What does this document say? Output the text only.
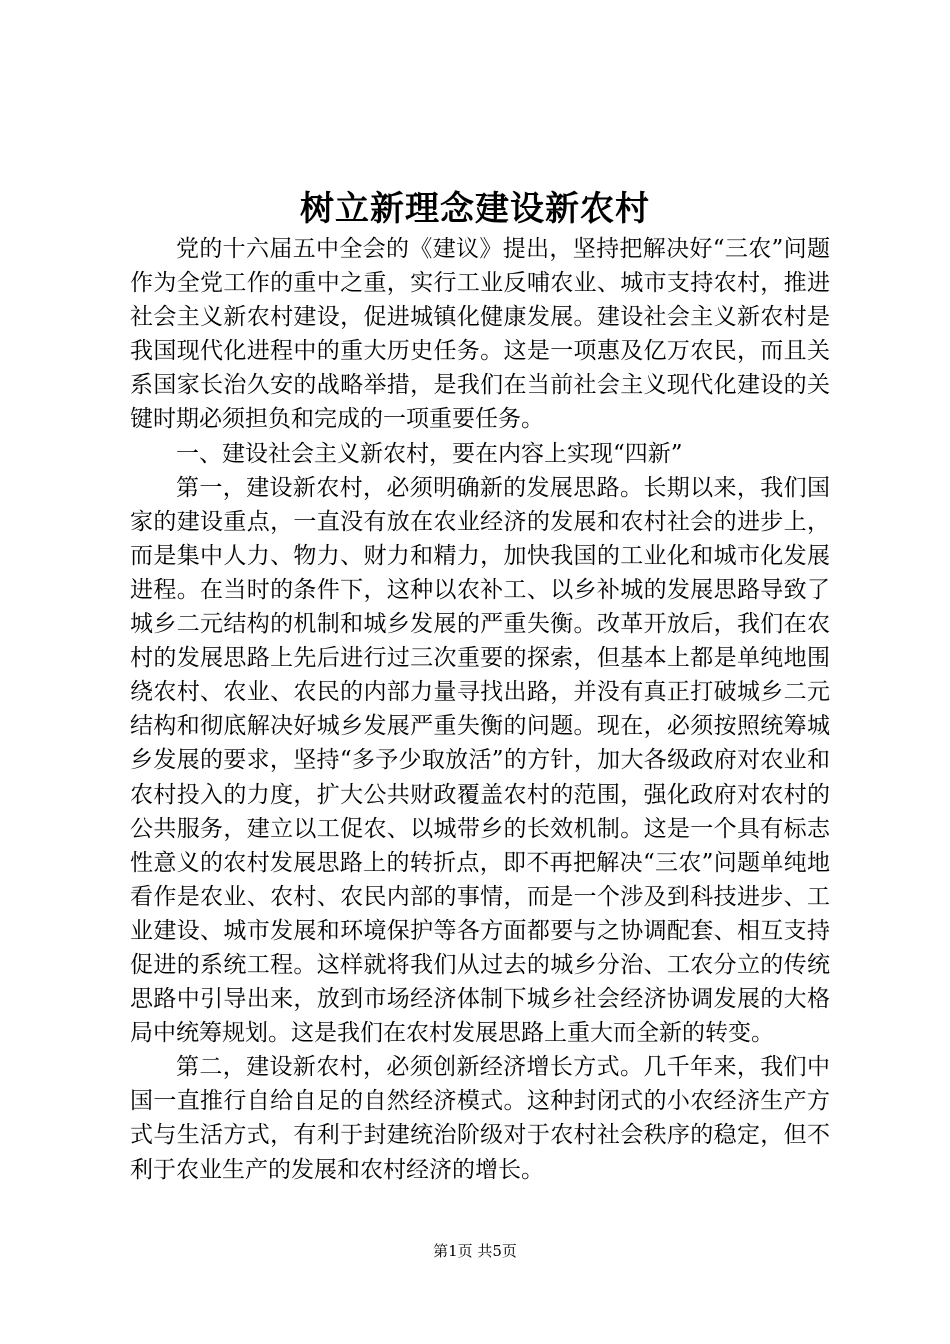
树立新理念建设新农村

党的十六届五中全会的《建议》提出，坚持把解决好“三农”问题作为全党工作的重中之重，实行工业反哺农业、城市支持农村，推进社会主义新农村建设，促进城镇化健康发展。建设社会主义新农村是我国现代化进程中的重大历史任务。这是一项惠及亿万农民，而且关系国家长治久安的战略举措，是我们在当前社会主义现代化建设的关键时期必须担负和完成的一项重要任务。

一、建设社会主义新农村，要在内容上实现“四新”

第一，建设新农村，必须明确新的发展思路。长期以来，我们国家的建设重点，一直没有放在农业经济的发展和农村社会的进步上，而是集中人力、物力、财力和精力，加快我国的工业化和城市化发展进程。在当时的条件下，这种以农补工、以乡补城的发展思路导致了城乡二元结构的机制和城乡发展的严重失衡。改革开放后，我们在农村的发展思路上先后进行过三次重要的探索，但基本上都是单纯地围绕农村、农业、农民的内部力量寻找出路，并没有真正打破城乡二元结构和彻底解决好城乡发展严重失衡的问题。现在，必须按照统筹城乡发展的要求，坚持“多予少取放活”的方针，加大各级政府对农业和农村投入的力度，扩大公共财政覆盖农村的范围，强化政府对农村的公共服务，建立以工促农、以城带乡的长效机制。这是一个具有标志性意义的农村发展思路上的转折点，即不再把解决“三农”问题单纯地看作是农业、农村、农民内部的事情，而是一个涉及到科技进步、工业建设、城市发展和环境保护等各方面都要与之协调配套、相互支持促进的系统工程。这样就将我们从过去的城乡分治、工农分立的传统思路中引导出来，放到市场经济体制下城乡社会经济协调发展的大格局中统筹规划。这是我们在农村发展思路上重大而全新的转变。

第二，建设新农村，必须创新经济增长方式。几千年来，我们中国一直推行自给自足的自然经济模式。这种封闭式的小农经济生产方式与生活方式，有利于封建统治阶级对于农村社会秩序的稳定，但不利于农业生产的发展和农村经济的增长。

第1页 共5页
